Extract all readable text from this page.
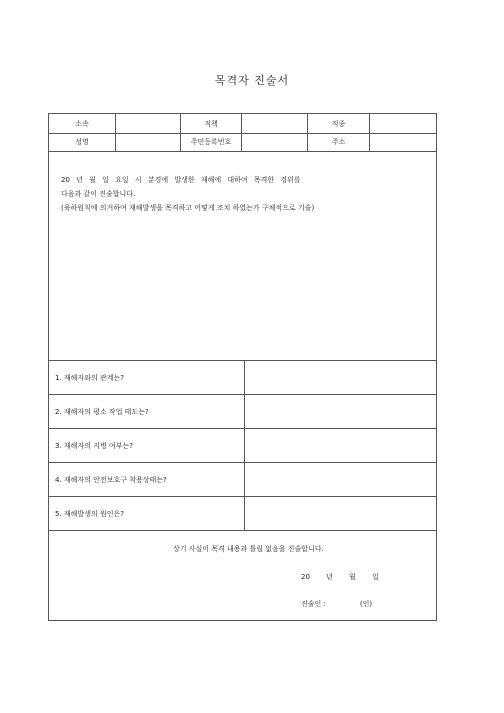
목격자 진술서
소속	직책	직종
성명	주민등록번호	주소
20 년 월 일 요일 시 분경에 발생한 재해에 대하여 목격한 경위를
다음과 같이 진술합니다.
(육하원칙에 의거하여 재해발생을 목격하고 어떻게 조치 하였는가 구체적으로 기술)
1. 재해자와의 관계는?
2. 재해자의 평소 작업 태도는?
3. 재해자의 지병 여부는?
4. 재해자의 안전보호구 착용상태는?
5. 재해발생의 원인은?
상기 사실이 목격 내용과 틀림 없음을 진술합니다.
20 년 월 일
진술인 :	(인)
